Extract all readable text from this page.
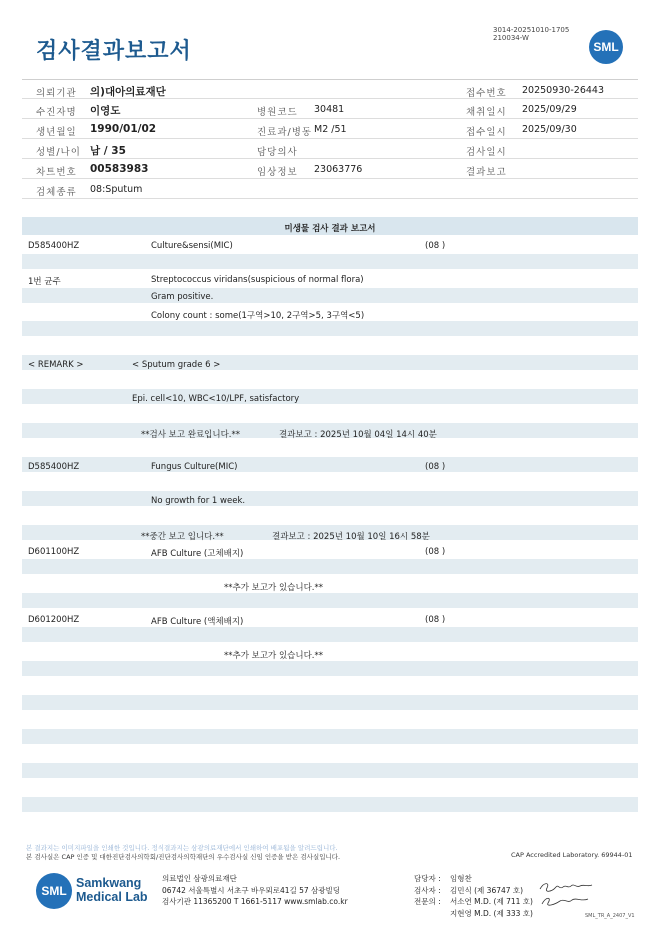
검사결과보고서
3014-20251010-1705
210034-W
SML
의뢰기관 의)대아의료재단	접수번호 20250930-26443
수진자명 이영도	병원코드 30481	채취일시 2025/09/29
생년월일 1990/01/02	진료과/병동 M2 /51	접수일시 2025/09/30
성별/나이 남 / 35	담당의사	검사일시
차트번호 00583983	임상정보 23063776	결과보고
검체종류 08:Sputum
미생물 검사 결과 보고서
D585400HZ	Culture&sensi(MIC)	(08 )
1번 균주	Streptococcus viridans(suspicious of normal flora)
Gram positive.
Colony count : some(1구역>10, 2구역>5, 3구역<5)
< REMARK >	< Sputum grade 6 >
Epi. cell<10, WBC<10/LPF, satisfactory
**검사 보고 완료입니다.**	결과보고 : 2025년 10월 04일 14시 40분
D585400HZ	Fungus Culture(MIC)	(08 )
No growth for 1 week.
**중간 보고 입니다.**	결과보고 : 2025년 10월 10일 16시 58분
D601100HZ	AFB Culture (고체배지)	(08 )
**추가 보고가 있습니다.**
D601200HZ	AFB Culture (액체배지)	(08 )
**추가 보고가 있습니다.**
본 결과지는 이미지파일을 인쇄한 것입니다. 정식결과지는 삼광의료재단에서 인쇄하여 배포됨을 알려드립니다.
본 검사실은 CAP 인증 및 대한진단검사의학회/진단검사의학재단의 우수검사실 신임 인증을 받은 검사실입니다.	CAP Accredited Laboratory. 69944-01
SML
Samkwang
Medical Lab
의료법인 삼광의료재단
06742 서울특별시 서초구 바우뫼로41길 57 삼광빌딩
검사기관 11365200 T 1661-5117 www.smlab.co.kr
담당자 :	임형찬
검사자 :	김민식 (제 36747 호)
전문의 :	서소연 M.D. (제 711 호)
지현영 M.D. (제 333 호)	SML_TR_A_2407_V1
